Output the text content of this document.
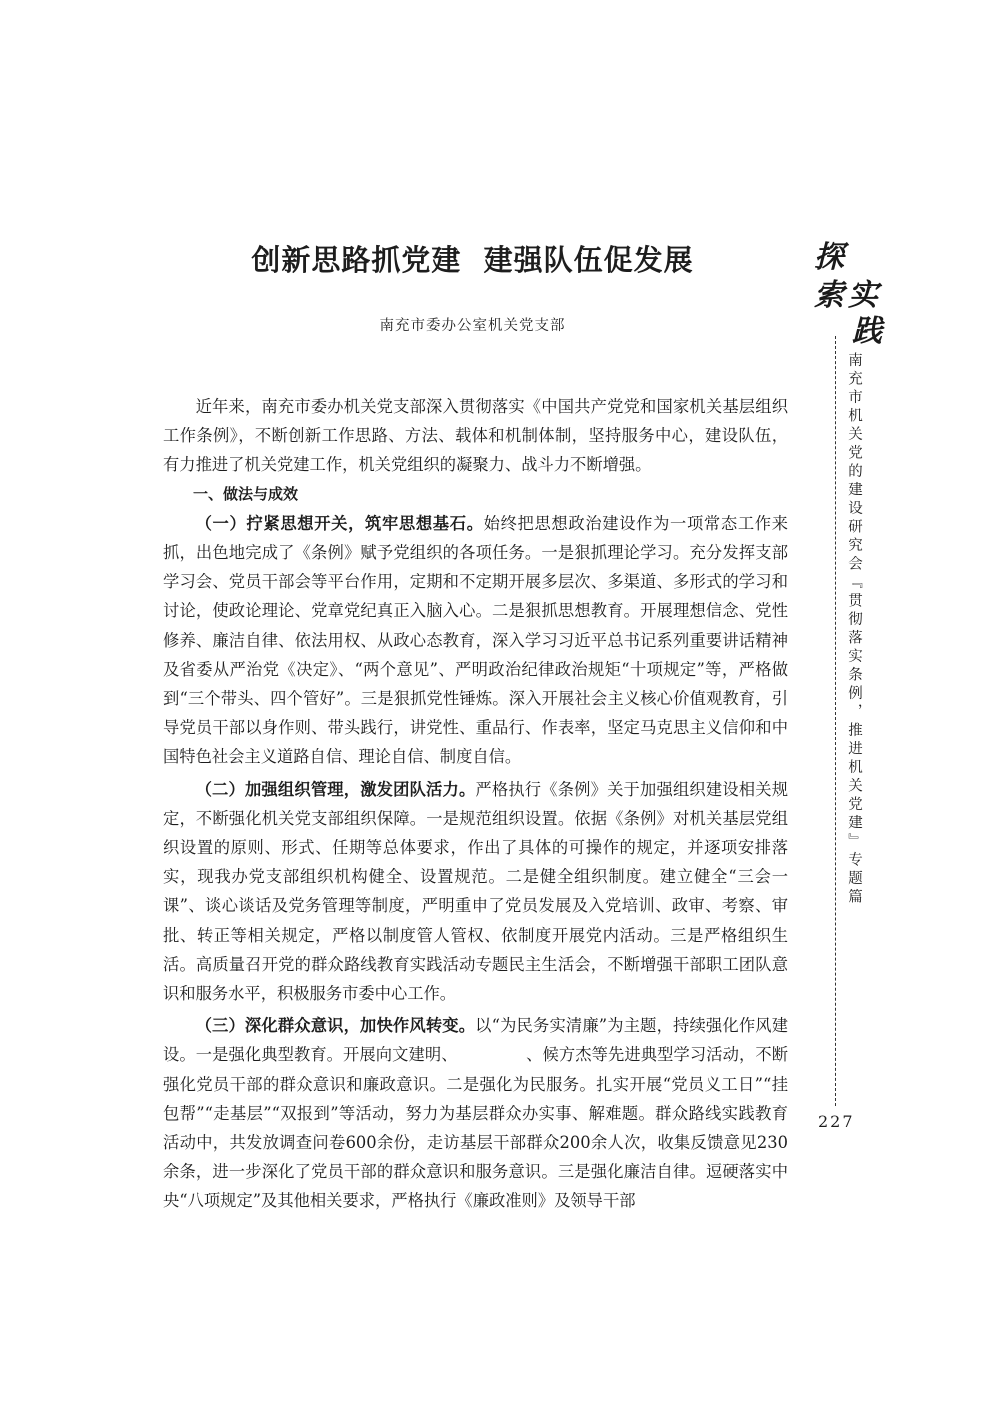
创新思路抓党建  建强队伍促发展
南充市委办公室机关党支部

近年来，南充市委办机关党支部深入贯彻落实《中国共产党党和国家机关基层组织工作条例》，不断创新工作思路、方法、载体和机制体制，坚持服务中心，建设队伍，有力推进了机关党建工作，机关党组织的凝聚力、战斗力不断增强。

一、做法与成效

（一）拧紧思想开关，筑牢思想基石。始终把思想政治建设作为一项常态工作来抓，出色地完成了《条例》赋予党组织的各项任务。一是狠抓理论学习。充分发挥支部学习会、党员干部会等平台作用，定期和不定期开展多层次、多渠道、多形式的学习和讨论，使政论理论、党章党纪真正入脑入心。二是狠抓思想教育。开展理想信念、党性修养、廉洁自律、依法用权、从政心态教育，深入学习习近平总书记系列重要讲话精神及省委从严治党《决定》、“两个意见”、严明政治纪律政治规矩“十项规定”等，严格做到“三个带头、四个管好”。三是狠抓党性锤炼。深入开展社会主义核心价值观教育，引导党员干部以身作则、带头践行，讲党性、重品行、作表率，坚定马克思主义信仰和中国特色社会主义道路自信、理论自信、制度自信。

（二）加强组织管理，激发团队活力。严格执行《条例》关于加强组织建设相关规定，不断强化机关党支部组织保障。一是规范组织设置。依据《条例》对机关基层党组织设置的原则、形式、任期等总体要求，作出了具体的可操作的规定，并逐项安排落实，现我办党支部组织机构健全、设置规范。二是健全组织制度。建立健全“三会一课”、谈心谈话及党务管理等制度，严明重申了党员发展及入党培训、政审、考察、审批、转正等相关规定，严格以制度管人管权、依制度开展党内活动。三是严格组织生活。高质量召开党的群众路线教育实践活动专题民主生活会，不断增强干部职工团队意识和服务水平，积极服务市委中心工作。

（三）深化群众意识，加快作风转变。以“为民务实清廉”为主题，持续强化作风建设。一是强化典型教育。开展向文建明、	、候方杰等先进典型学习活动，不断强化党员干部的群众意识和廉政意识。二是强化为民服务。扎实开展“党员义工日”“挂包帮”“走基层”“双报到”等活动，努力为基层群众办实事、解难题。群众路线实践教育活动中，共发放调查问卷600余份，走访基层干部群众200余人次，收集反馈意见230余条，进一步深化了党员干部的群众意识和服务意识。三是强化廉洁自律。逗硬落实中央“八项规定”及其他相关要求，严格执行《廉政准则》及领导干部

探
索 实
践
南充市机关党的建设研究会『贯彻落实条例，推进机关党建』专题篇
227
